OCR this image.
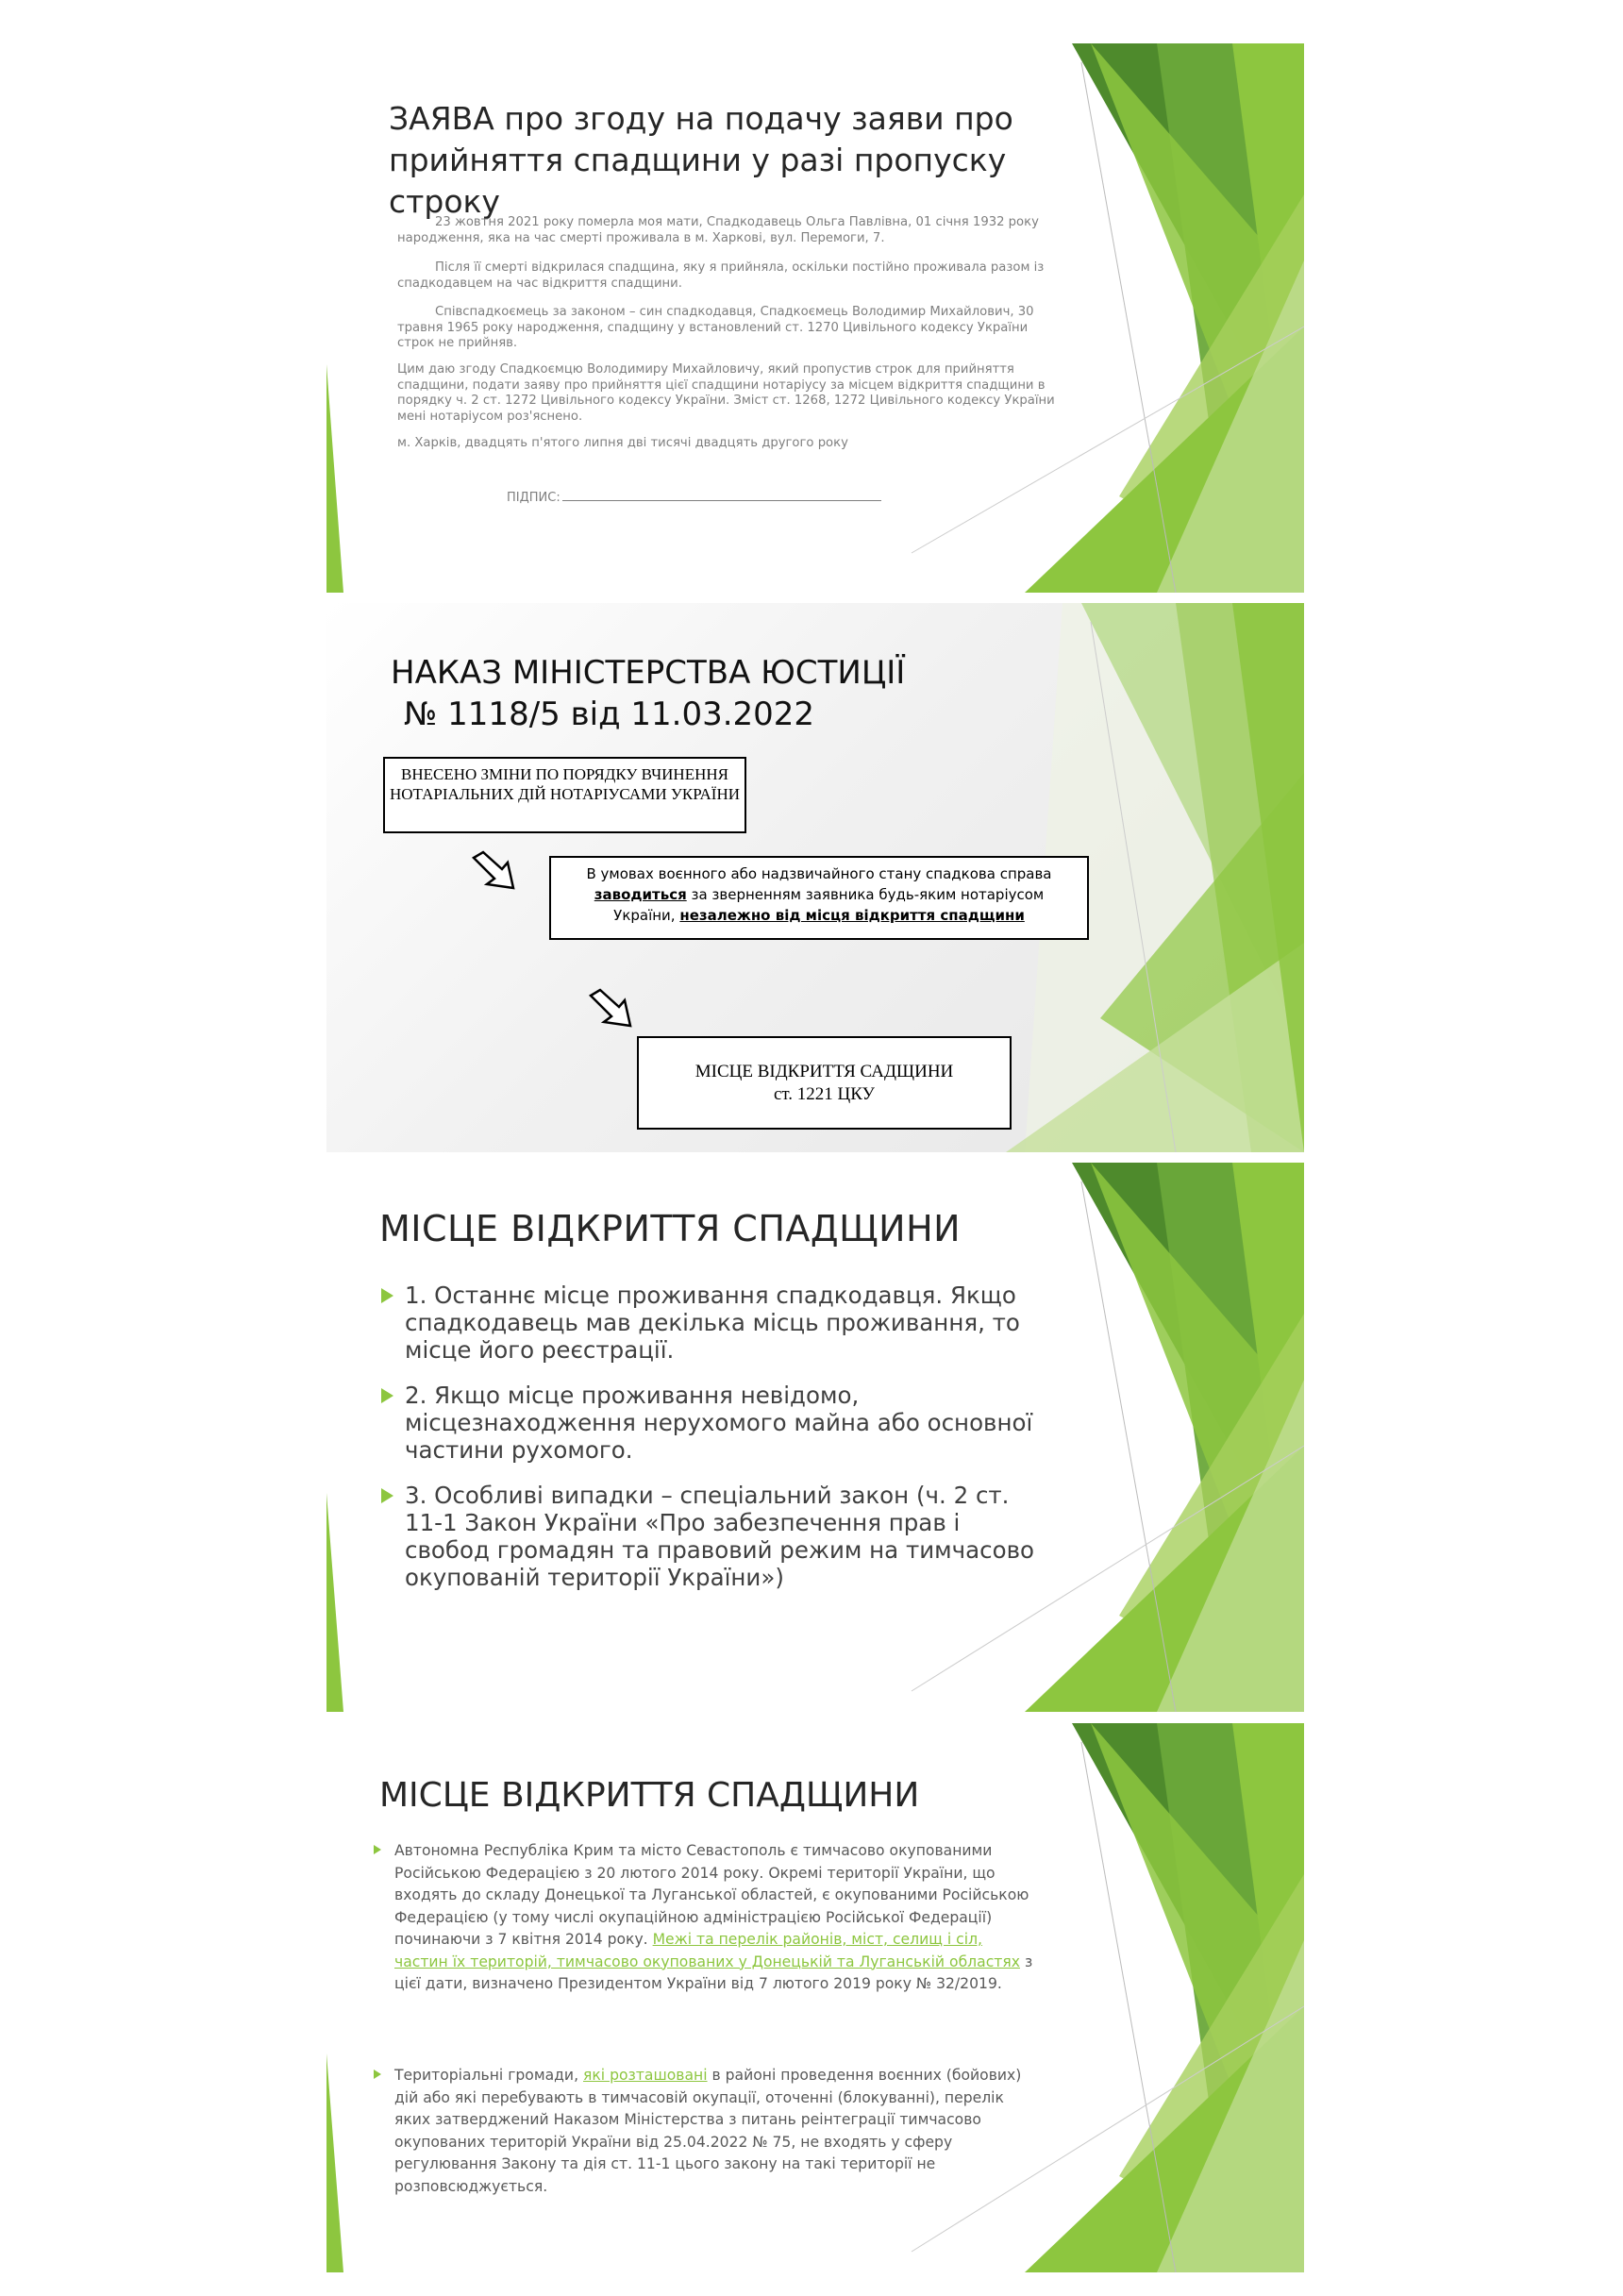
ЗАЯВА про згоду на подачу заяви про прийняття спадщини у разі пропуску строку

23 жовтня 2021 року померла моя мати, Спадкодавець Ольга Павлівна, 01 січня 1932 року народження, яка на час смерті проживала в м. Харкові, вул. Перемоги, 7.

Після її смерті відкрилася спадщина, яку я прийняла, оскільки постійно проживала разом із спадкодавцем на час відкриття спадщини.

Співспадкоємець за законом – син спадкодавця, Спадкоємець Володимир Михайлович, 30 травня 1965 року народження, спадщину у встановлений ст. 1270 Цивільного кодексу України строк не прийняв.

Цим даю згоду Спадкоємцю Володимиру Михайловичу, який пропустив строк для прийняття спадщини, подати заяву про прийняття цієї спадщини нотаріусу за місцем відкриття спадщини в порядку ч. 2 ст. 1272 Цивільного кодексу України. Зміст ст. 1268, 1272 Цивільного кодексу України мені нотаріусом роз'яснено.

м. Харків, двадцять п'ятого липня дві тисячі двадцять другого року

ПІДПИС:
НАКАЗ МІНІСТЕРСТВА ЮСТИЦІЇ
№ 1118/5 від 11.03.2022
ВНЕСЕНО ЗМІНИ ПО ПОРЯДКУ ВЧИНЕННЯ НОТАРІАЛЬНИХ ДІЙ НОТАРІУСАМИ УКРАЇНИ
В умовах воєнного або надзвичайного стану спадкова справа заводиться за зверненням заявника будь-яким нотаріусом України, незалежно від місця відкриття спадщини
МІСЦЕ ВІДКРИТТЯ САДЩИНИ
ст. 1221 ЦКУ
МІСЦЕ ВІДКРИТТЯ СПАДЩИНИ
1. Останнє місце проживання спадкодавця. Якщо спадкодавець мав декілька місць проживання, то місце його реєстрації.
2. Якщо місце проживання невідомо, місцезнаходження нерухомого майна або основної частини рухомого.
3. Особливі випадки – спеціальний закон (ч. 2 ст. 11-1 Закон України «Про забезпечення прав і свобод громадян та правовий режим на тимчасово окупованій території України»)
МІСЦЕ ВІДКРИТТЯ СПАДЩИНИ
Автономна Республіка Крим та місто Севастополь є тимчасово окупованими Російською Федерацією з 20 лютого 2014 року. Окремі території України, що входять до складу Донецької та Луганської областей, є окупованими Російською Федерацією (у тому числі окупаційною адміністрацією Російської Федерації) починаючи з 7 квітня 2014 року. Межі та перелік районів, міст, селищ і сіл, частин їх територій, тимчасово окупованих у Донецькій та Луганській областях з цієї дати, визначено Президентом України від 7 лютого 2019 року № 32/2019.
Територіальні громади, які розташовані в районі проведення воєнних (бойових) дій або які перебувають в тимчасовій окупації, оточенні (блокуванні), перелік яких затверджений Наказом Міністерства з питань реінтеграції тимчасово окупованих територій України від 25.04.2022 № 75, не входять у сферу регулювання Закону та дія ст. 11-1 цього закону на такі території не розповсюджується.
